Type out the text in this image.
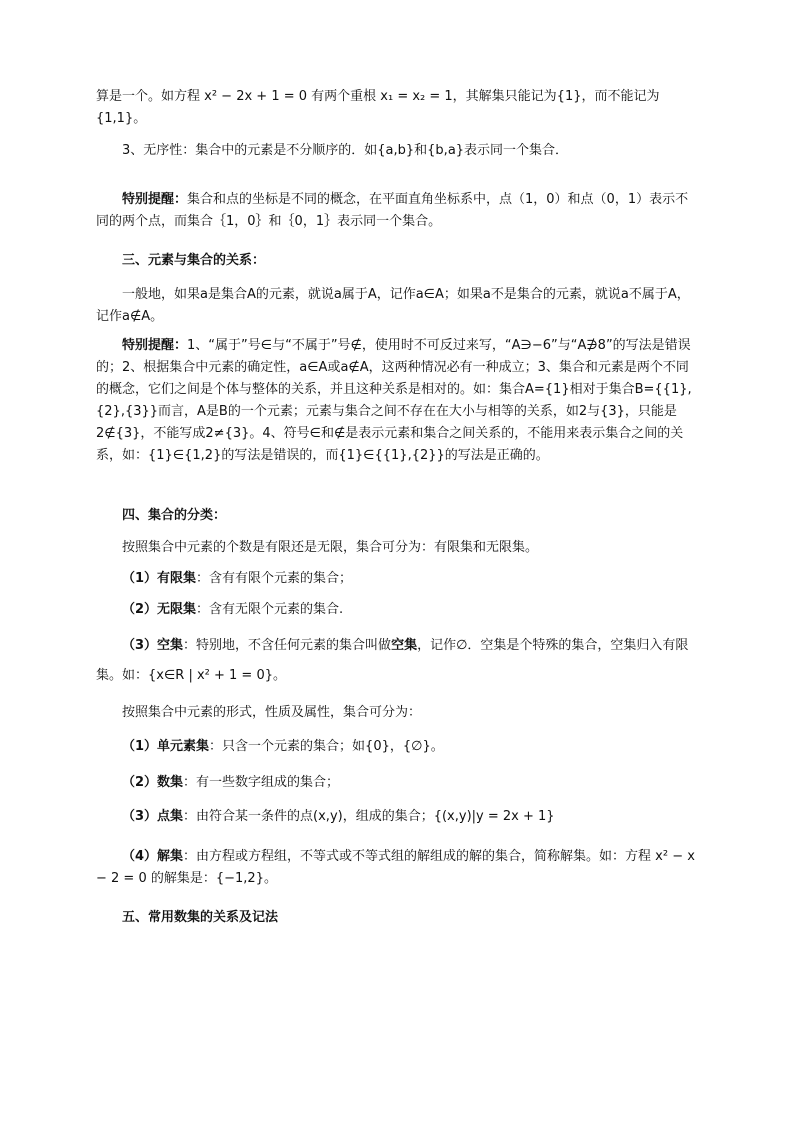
算是一个。如方程 x² − 2x + 1 = 0 有两个重根 x₁ = x₂ = 1，其解集只能记为{1}，而不能记为{1,1}。

3、无序性：集合中的元素是不分顺序的．如{a,b}和{b,a}表示同一个集合．

特别提醒：集合和点的坐标是不同的概念，在平面直角坐标系中，点（1，0）和点（0，1）表示不同的两个点，而集合｛1，0｝和｛0，1｝表示同一个集合。

三、元素与集合的关系：

一般地，如果a是集合A的元素，就说a属于A，记作a∈A；如果a不是集合的元素，就说a不属于A，记作a∉A。

特别提醒：1、“属于”号∈与“不属于”号∉，使用时不可反过来写，“A∋−6”与“A∌8”的写法是错误的；2、根据集合中元素的确定性，a∈A或a∉A，这两种情况必有一种成立；3、集合和元素是两个不同的概念，它们之间是个体与整体的关系，并且这种关系是相对的。如：集合A={1}相对于集合B={{1},{2},{3}}而言，A是B的一个元素；元素与集合之间不存在在大小与相等的关系，如2与{3}，只能是2∉{3}，不能写成2≠{3}。4、符号∈和∉是表示元素和集合之间关系的，不能用来表示集合之间的关系，如：{1}∈{1,2}的写法是错误的，而{1}∈{{1},{2}}的写法是正确的。

四、集合的分类：

按照集合中元素的个数是有限还是无限，集合可分为：有限集和无限集。

（1）有限集：含有有限个元素的集合；

（2）无限集：含有无限个元素的集合.

（3）空集：特别地，不含任何元素的集合叫做空集，记作∅．空集是个特殊的集合，空集归入有限集。如：{x∈R | x² + 1 = 0}。

按照集合中元素的形式，性质及属性，集合可分为：

（1）单元素集：只含一个元素的集合；如{0}，{∅}。

（2）数集：有一些数字组成的集合；

（3）点集：由符合某一条件的点(x,y)，组成的集合；{(x,y)|y = 2x + 1}

（4）解集：由方程或方程组，不等式或不等式组的解组成的解的集合，简称解集。如：方程 x² − x − 2 = 0 的解集是：{−1,2}。

五、常用数集的关系及记法
